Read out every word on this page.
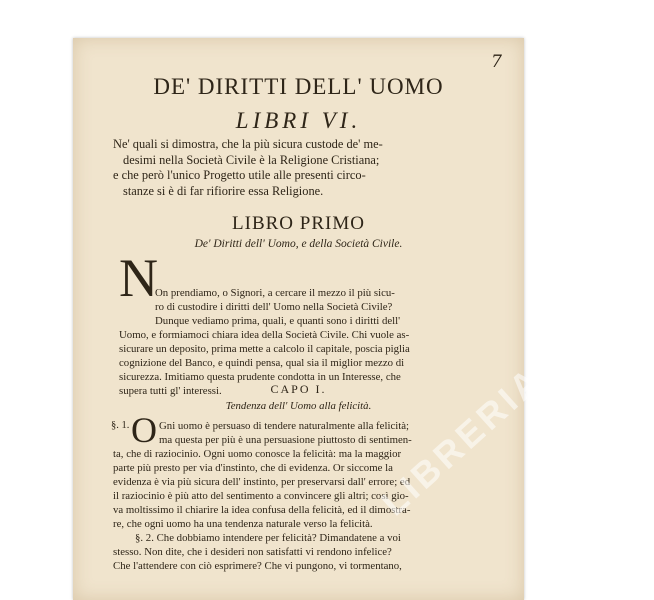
7
DE' DIRITTI DELL' UOMO
LIBRI VI.
Ne' quali si dimostra, che la più sicura custode de' me-
desimi nella Società Civile è la Religione Cristiana;
e che però l'unico Progetto utile alle presenti circo-
stanze si è di far rifiorire essa Religione.
LIBRO PRIMO
De' Diritti dell' Uomo, e della Società Civile.
N
On prendiamo, o Signori, a cercare il mezzo il più sicu-
ro di custodire i diritti dell' Uomo nella Società Civile?
Dunque vediamo prima, quali, e quanti sono i diritti dell'
Uomo, e formiamoci chiara idea della Società Civile. Chi vuole as-
sicurare un deposito, prima mette a calcolo il capitale, poscia piglia
cognizione del Banco, e quindi pensa, qual sia il miglior mezzo di
sicurezza. Imitiamo questa prudente condotta in un Interesse, che
supera tutti gl' interessi.	CAPO I.
Tendenza dell' Uomo alla felicità.
§. 1. O Gni uomo è persuaso di tendere naturalmente alla felicità;
ma questa per più è una persuasione piuttosto di sentimen-
ta, che di raziocinio. Ogni uomo conosce la felicità: ma la maggior
parte più presto per via d'instinto, che di evidenza. Or siccome la
evidenza è via più sicura dell' instinto, per preservarsi dall' errore; ed
il raziocinio è più atto del sentimento a convincere gli altri; così gio-
va moltissimo il chiarire la idea confusa della felicità, ed il dimostra-
re, che ogni uomo ha una tendenza naturale verso la felicità.
§. 2. Che dobbiamo intendere per felicità? Dimandatene a voi
stesso. Non dite, che i desideri non satisfatti vi rendono infelice?
Che l'attendere con ciò esprimere? Che vi pungono, vi tormentano,
LIBRERIA
